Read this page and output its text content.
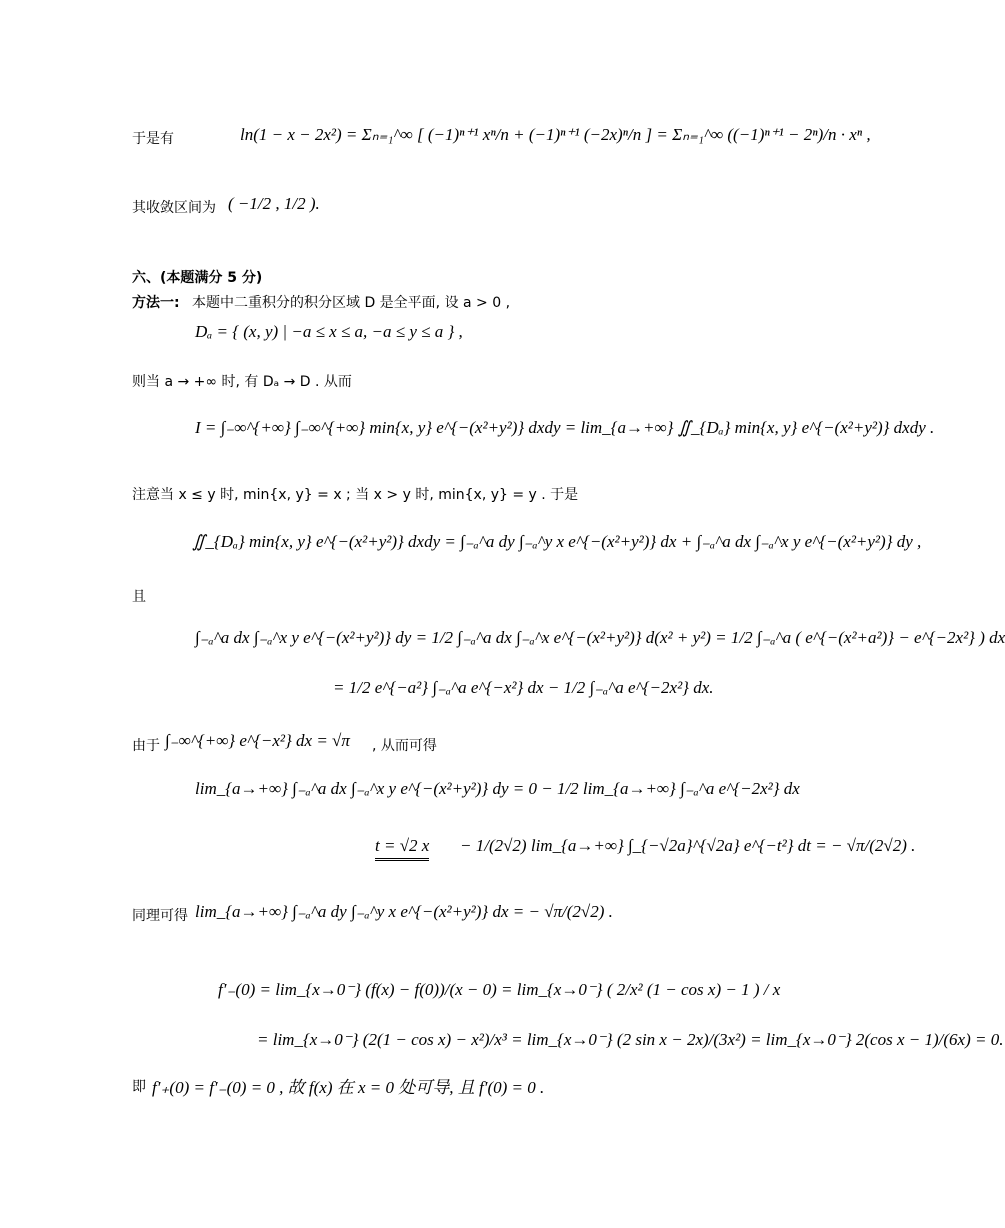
于是有	ln(1 − x − 2x²) = Σₙ₌₁^∞ [ (−1)ⁿ⁺¹ xⁿ/n + (−1)ⁿ⁺¹ (−2x)ⁿ/n ] = Σₙ₌₁^∞ ((−1)ⁿ⁺¹ − 2ⁿ)/n · xⁿ ,
其收敛区间为 ( −1/2 , 1/2 ).
六、(本题满分 5 分)
方法一: 本题中二重积分的积分区域 D 是全平面, 设 a > 0 ,
Dₐ = { (x, y) | −a ≤ x ≤ a, −a ≤ y ≤ a } ,
则当 a → +∞ 时, 有 Dₐ → D . 从而
I = ∫₋∞^{+∞} ∫₋∞^{+∞} min{x, y} e^{−(x²+y²)} dxdy = lim_{a→+∞} ∬_{Dₐ} min{x, y} e^{−(x²+y²)} dxdy .
注意当 x ≤ y 时, min{x, y} = x ; 当 x > y 时, min{x, y} = y . 于是
∬_{Dₐ} min{x, y} e^{−(x²+y²)} dxdy = ∫₋ₐ^a dy ∫₋ₐ^y x e^{−(x²+y²)} dx + ∫₋ₐ^a dx ∫₋ₐ^x y e^{−(x²+y²)} dy ,
且
∫₋ₐ^a dx ∫₋ₐ^x y e^{−(x²+y²)} dy = 1/2 ∫₋ₐ^a dx ∫₋ₐ^x e^{−(x²+y²)} d(x² + y²) = 1/2 ∫₋ₐ^a ( e^{−(x²+a²)} − e^{−2x²} ) dx
= 1/2 e^{−a²} ∫₋ₐ^a e^{−x²} dx − 1/2 ∫₋ₐ^a e^{−2x²} dx.
由于 ∫₋∞^{+∞} e^{−x²} dx = √π , 从而可得
lim_{a→+∞} ∫₋ₐ^a dx ∫₋ₐ^x y e^{−(x²+y²)} dy = 0 − 1/2 lim_{a→+∞} ∫₋ₐ^a e^{−2x²} dx
t = √2 x − 1/(2√2) lim_{a→+∞} ∫_{−√2a}^{√2a} e^{−t²} dt = − √π/(2√2) .
同理可得 lim_{a→+∞} ∫₋ₐ^a dy ∫₋ₐ^y x e^{−(x²+y²)} dx = − √π/(2√2) .
f′₋(0) = lim_{x→0⁻} (f(x) − f(0))/(x − 0) = lim_{x→0⁻} ( 2/x² (1 − cos x) − 1 ) / x
= lim_{x→0⁻} (2(1 − cos x) − x²)/x³ = lim_{x→0⁻} (2 sin x − 2x)/(3x²) = lim_{x→0⁻} 2(cos x − 1)/(6x) = 0.
即 f′₊(0) = f′₋(0) = 0 , 故 f(x) 在 x = 0 处可导, 且 f′(0) = 0 .
